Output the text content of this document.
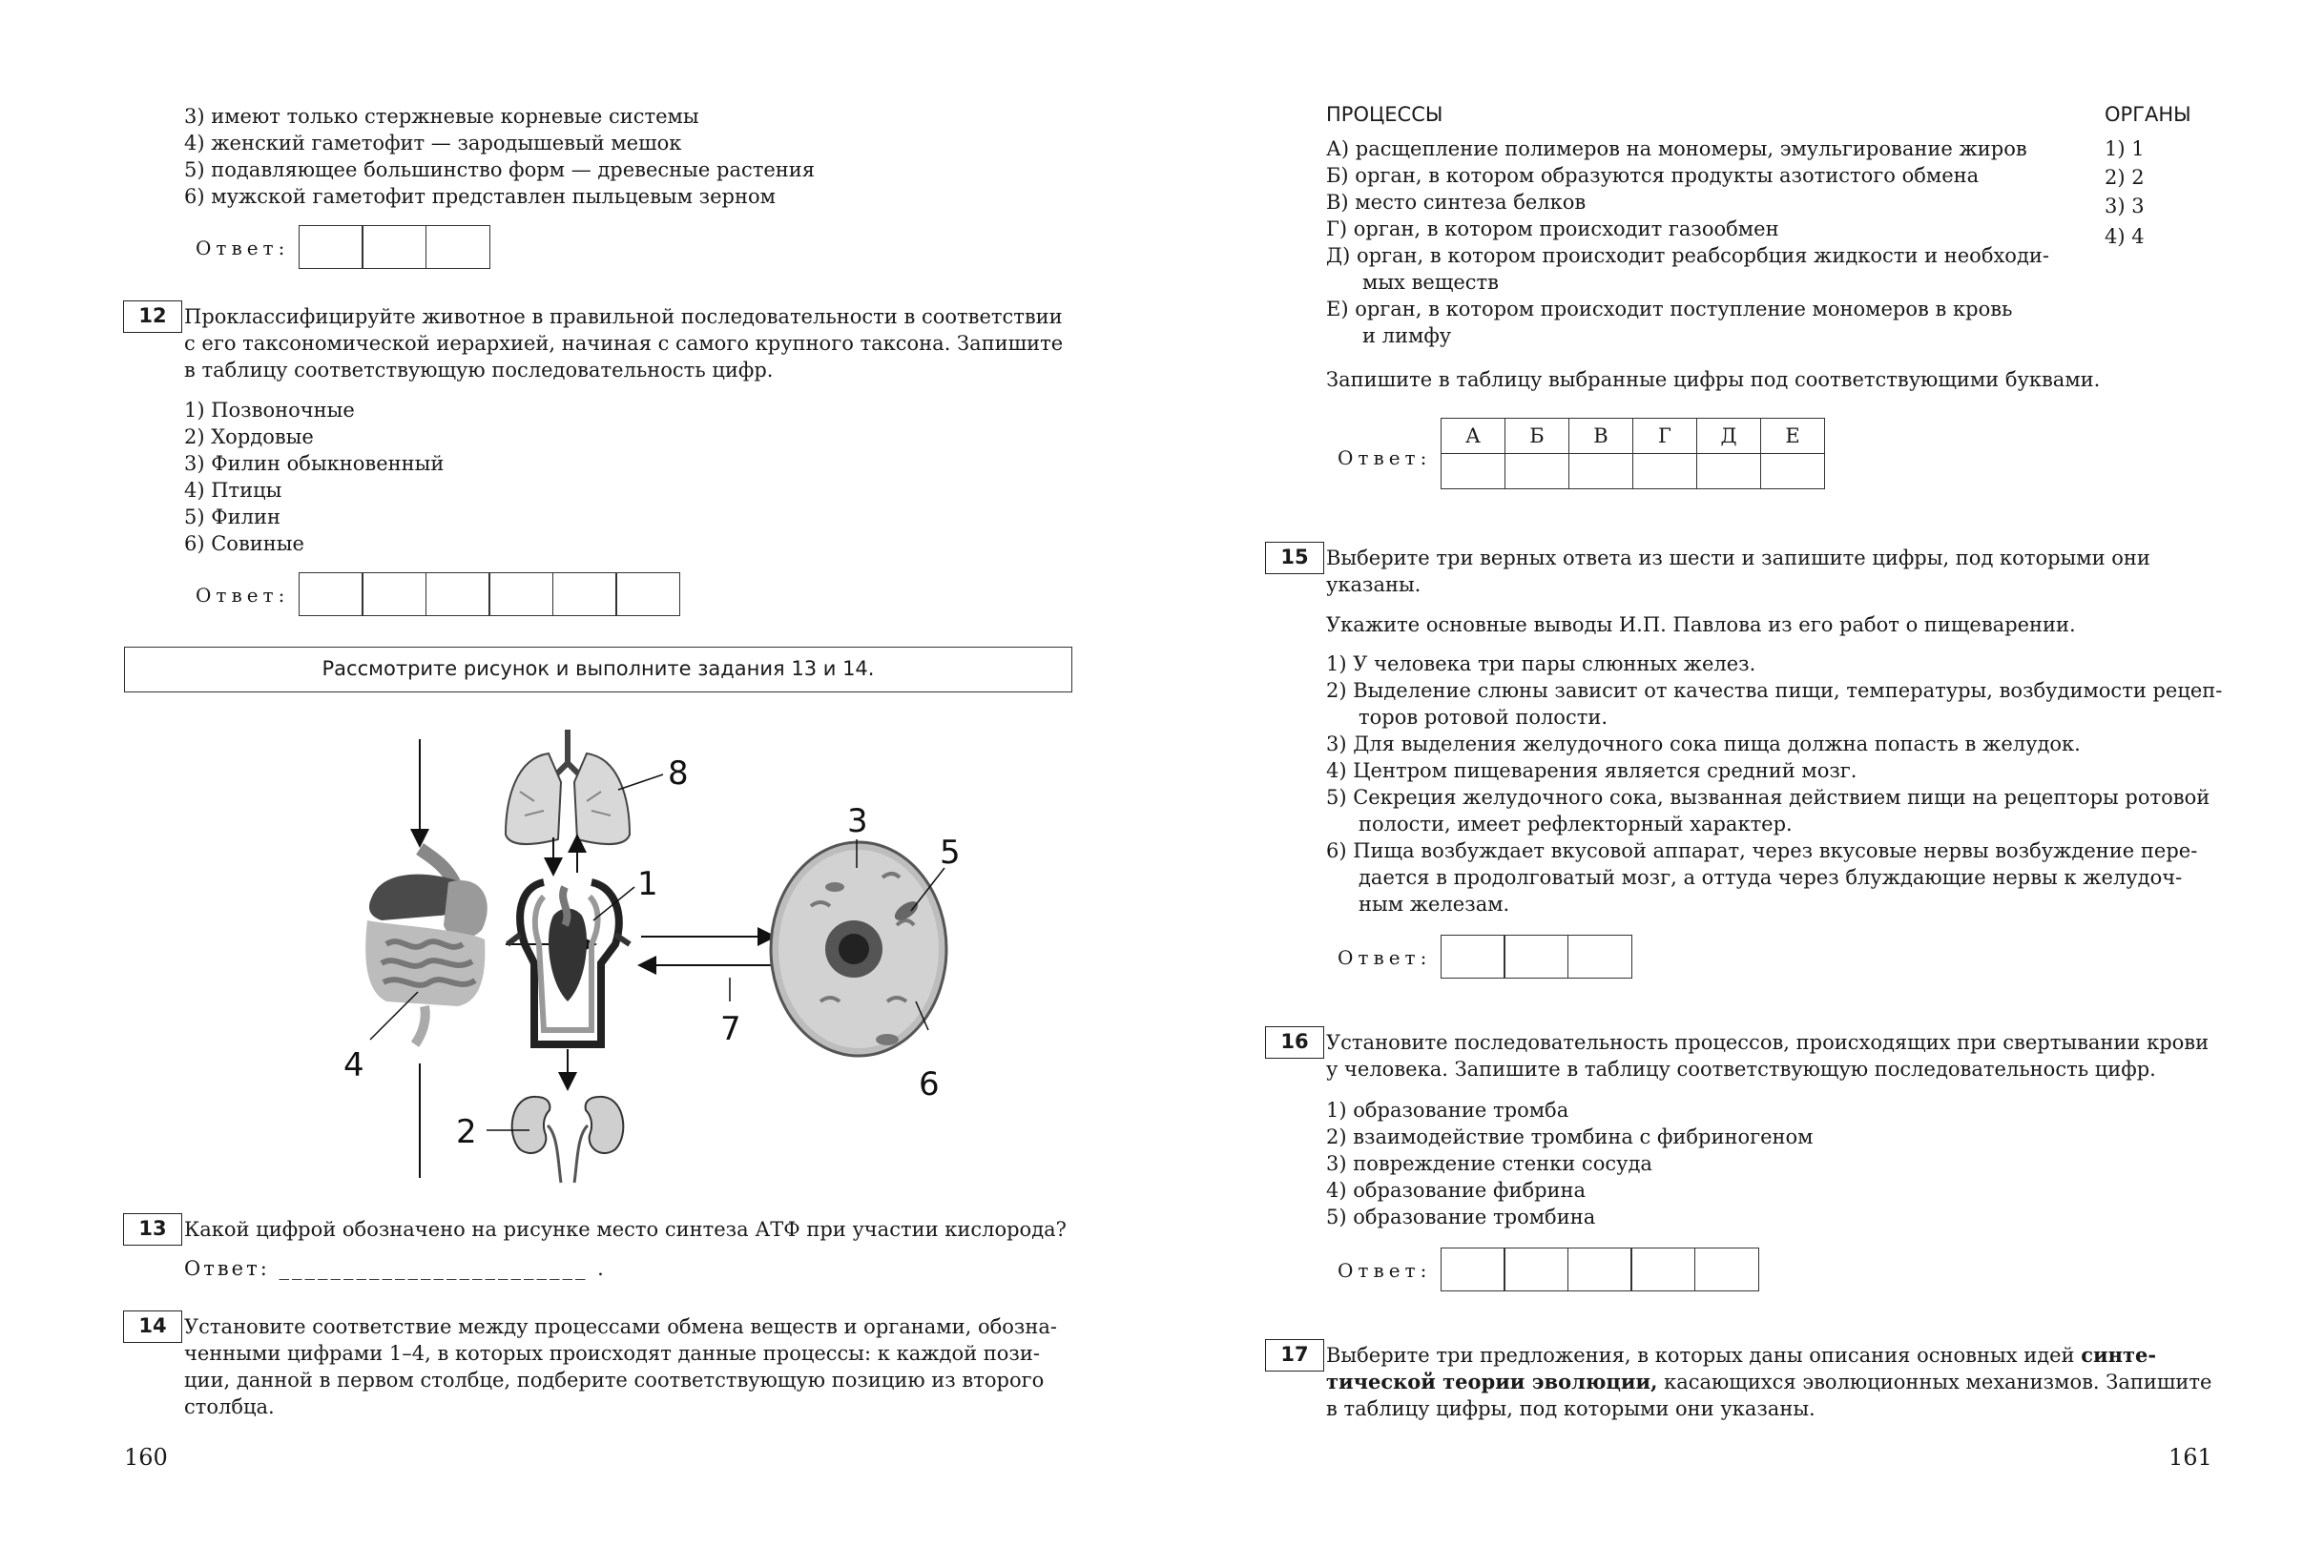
3) имеют только стержневые корневые системы
4) женский гаметофит — зародышевый мешок
5) подавляющее большинство форм — древесные растения
6) мужской гаметофит представлен пыльцевым зерном
Ответ:
12 Проклассифицируйте животное в правильной последовательности в соответствии
с его таксономической иерархией, начиная с самого крупного таксона. Запишите
в таблицу соответствующую последовательность цифр.
1) Позвоночные
2) Хордовые
3) Филин обыкновенный
4) Птицы
5) Филин
6) Совиные
Ответ:
Рассмотрите рисунок и выполните задания 13 и 14.
8
1
7
2
3
5
6
4
13 Какой цифрой обозначено на рисунке место синтеза АТФ при участии кислорода?
Ответ: ________________________ .
14 Установите соответствие между процессами обмена веществ и органами, обозна-
ченными цифрами 1–4, в которых происходят данные процессы: к каждой пози-
ции, данной в первом столбце, подберите соответствующую позицию из второго
столбца.
160
ПРОЦЕССЫ	ОРГАНЫ
А) расщепление полимеров на мономеры, эмульгирование жиров
Б) орган, в котором образуются продукты азотистого обмена
В) место синтеза белков
Г) орган, в котором происходит газообмен
Д) орган, в котором происходит реабсорбция жидкости и необходи-
мых веществ
Е) орган, в котором происходит поступление мономеров в кровь
и лимфу
1) 1
2) 2
3) 3
4) 4
Запишите в таблицу выбранные цифры под соответствующими буквами.
Ответ:
А	Б	В	Г	Д	Е

15 Выберите три верных ответа из шести и запишите цифры, под которыми они
указаны.
Укажите основные выводы И.П. Павлова из его работ о пищеварении.
1) У человека три пары слюнных желез.
2) Выделение слюны зависит от качества пищи, температуры, возбудимости рецеп-
торов ротовой полости.
3) Для выделения желудочного сока пища должна попасть в желудок.
4) Центром пищеварения является средний мозг.
5) Секреция желудочного сока, вызванная действием пищи на рецепторы ротовой
полости, имеет рефлекторный характер.
6) Пища возбуждает вкусовой аппарат, через вкусовые нервы возбуждение пере-
дается в продолговатый мозг, а оттуда через блуждающие нервы к желудоч-
ным железам.
Ответ:
16 Установите последовательность процессов, происходящих при свертывании крови
у человека. Запишите в таблицу соответствующую последовательность цифр.
1) образование тромба
2) взаимодействие тромбина с фибриногеном
3) повреждение стенки сосуда
4) образование фибрина
5) образование тромбина
Ответ:
17 Выберите три предложения, в которых даны описания основных идей синте-
тической теории эволюции, касающихся эволюционных механизмов. Запишите
в таблицу цифры, под которыми они указаны.
161
